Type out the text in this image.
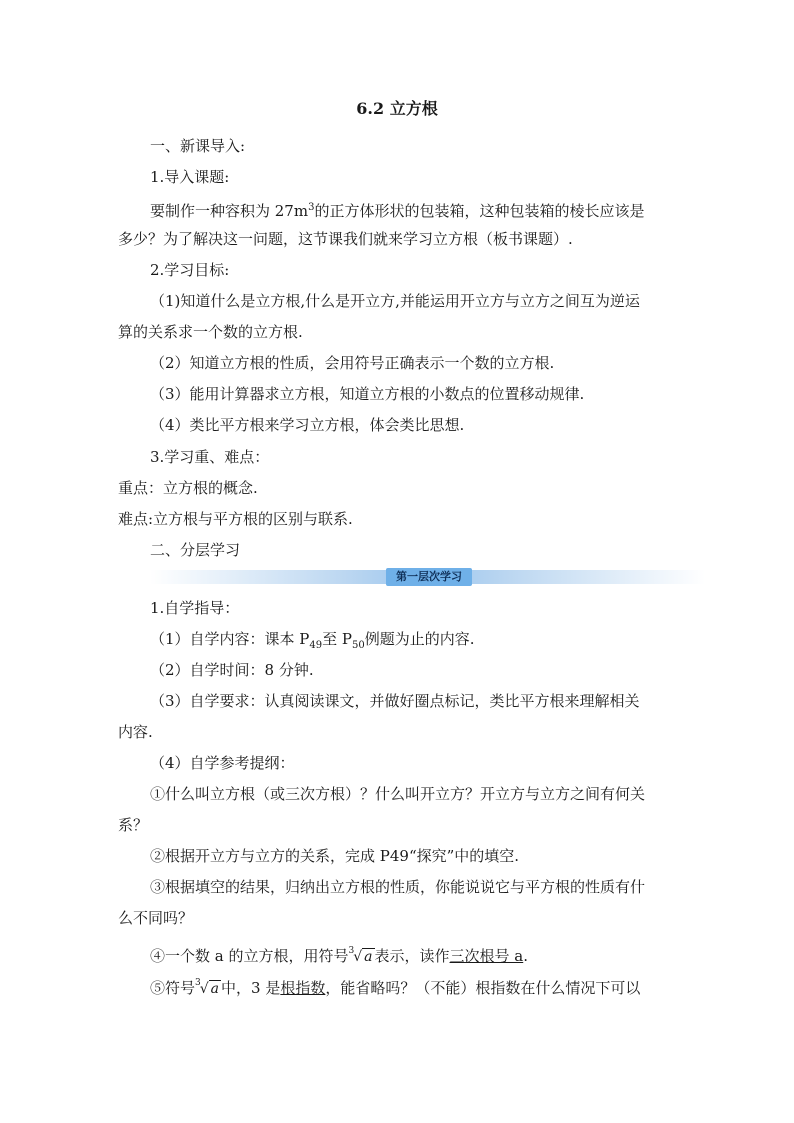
6.2 立方根
一、新课导入:
1.导入课题:
要制作一种容积为 $27m^3$的正方体形状的包装箱，这种包装箱的棱长应该是
多少？为了解决这一问题，这节课我们就来学习立方根（板书课题）.
2.学习目标:
（1)知道什么是立方根,什么是开立方,并能运用开立方与立方之间互为逆运
算的关系求一个数的立方根.
（2）知道立方根的性质，会用符号正确表示一个数的立方根.
（3）能用计算器求立方根，知道立方根的小数点的位置移动规律.
（4）类比平方根来学习立方根，体会类比思想.
3.学习重、难点：
重点：立方根的概念.
难点:立方根与平方根的区别与联系.
二、分层学习
第一层次学习
1.自学指导：
（1）自学内容：课本 $P_{49}$至 $P_{50}$例题为止的内容.
（2）自学时间：8 分钟.
（3）自学要求：认真阅读课文，并做好圈点标记，类比平方根来理解相关
内容.
（4）自学参考提纲：
①什么叫立方根（或三次方根）？什么叫开立方？开立方与立方之间有何关
系？
②根据开立方与立方的关系，完成 P49“探究”中的填空.
③根据填空的结果，归纳出立方根的性质，你能说说它与平方根的性质有什
么不同吗？
④一个数 a 的立方根，用符号$^3$√ a 表示，读作三次根号 a.
⑤符号$^3$√ a 中，3 是根指数，能省略吗？（不能）根指数在什么情况下可以
